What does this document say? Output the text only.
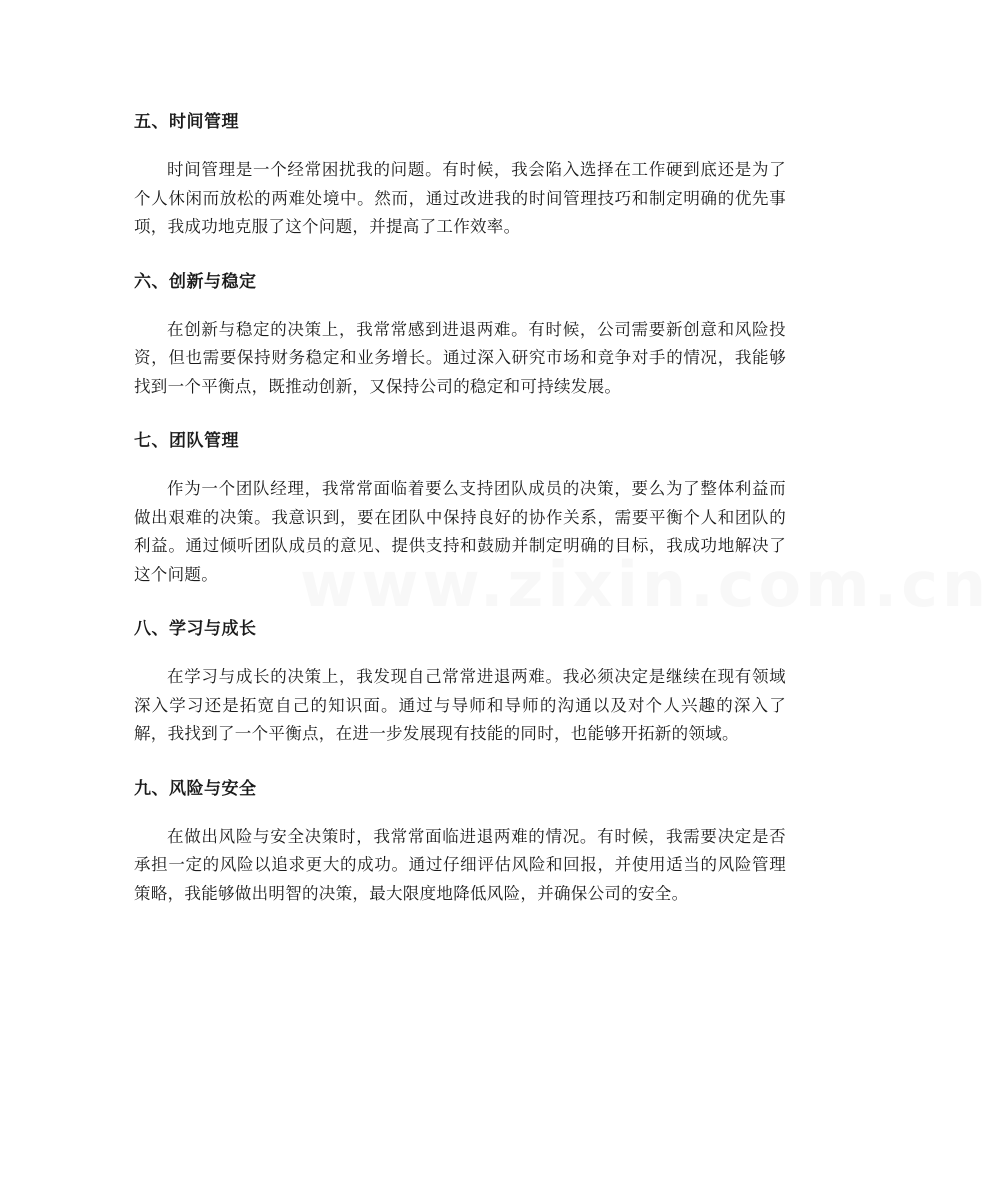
www.zixin.com.cn
五、时间管理

时间管理是一个经常困扰我的问题。有时候，我会陷入选择在工作硬到底还是为了个人休闲而放松的两难处境中。然而，通过改进我的时间管理技巧和制定明确的优先事项，我成功地克服了这个问题，并提高了工作效率。

六、创新与稳定

在创新与稳定的决策上，我常常感到进退两难。有时候，公司需要新创意和风险投资，但也需要保持财务稳定和业务增长。通过深入研究市场和竞争对手的情况，我能够找到一个平衡点，既推动创新，又保持公司的稳定和可持续发展。

七、团队管理

作为一个团队经理，我常常面临着要么支持团队成员的决策，要么为了整体利益而做出艰难的决策。我意识到，要在团队中保持良好的协作关系，需要平衡个人和团队的利益。通过倾听团队成员的意见、提供支持和鼓励并制定明确的目标，我成功地解决了这个问题。

八、学习与成长

在学习与成长的决策上，我发现自己常常进退两难。我必须决定是继续在现有领域深入学习还是拓宽自己的知识面。通过与导师和导师的沟通以及对个人兴趣的深入了解，我找到了一个平衡点，在进一步发展现有技能的同时，也能够开拓新的领域。

九、风险与安全

在做出风险与安全决策时，我常常面临进退两难的情况。有时候，我需要决定是否承担一定的风险以追求更大的成功。通过仔细评估风险和回报，并使用适当的风险管理策略，我能够做出明智的决策，最大限度地降低风险，并确保公司的安全。
